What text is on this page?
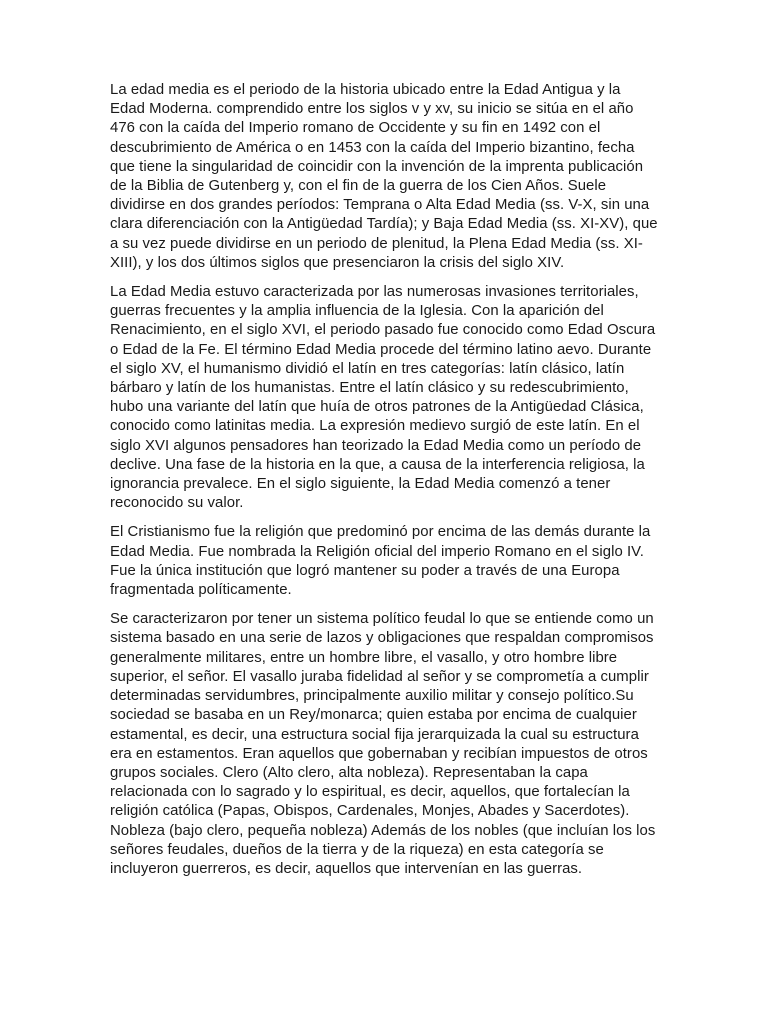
La edad media es el periodo de la historia ubicado entre la Edad Antigua y la Edad Moderna. comprendido entre los siglos v y xv, su inicio se sitúa en el año 476 con la caída del Imperio romano de Occidente y su fin en 1492 con el descubrimiento de América o en 1453 con la caída del Imperio bizantino, fecha que tiene la singularidad de coincidir con la invención de la imprenta publicación de la Biblia de Gutenberg y, con el fin de la guerra de los Cien Años. Suele dividirse en dos grandes períodos: Temprana o Alta Edad Media (ss. V-X, sin una clara diferenciación con la Antigüedad Tardía); y Baja Edad Media (ss. XI-XV), que a su vez puede dividirse en un periodo de plenitud, la Plena Edad Media (ss. XI-XIII), y los dos últimos siglos que presenciaron la crisis del siglo XIV.

La Edad Media estuvo caracterizada por las numerosas invasiones territoriales, guerras frecuentes y la amplia influencia de la Iglesia. Con la aparición del Renacimiento, en el siglo XVI, el periodo pasado fue conocido como Edad Oscura o Edad de la Fe. El término Edad Media procede del término latino aevo. Durante el siglo XV, el humanismo dividió el latín en tres categorías: latín clásico, latín bárbaro y latín de los humanistas. Entre el latín clásico y su redescubrimiento, hubo una variante del latín que huía de otros patrones de la Antigüedad Clásica, conocido como latinitas media. La expresión medievo surgió de este latín. En el siglo XVI algunos pensadores han teorizado la Edad Media como un período de declive. Una fase de la historia en la que, a causa de la interferencia religiosa, la ignorancia prevalece. En el siglo siguiente, la Edad Media comenzó a tener reconocido su valor.

El Cristianismo fue la religión que predominó por encima de las demás durante la Edad Media. Fue nombrada la Religión oficial del imperio Romano en el siglo IV. Fue la única institución que logró mantener su poder a través de una Europa fragmentada políticamente.

Se caracterizaron por tener un sistema político feudal lo que se entiende como un sistema basado en una serie de lazos y obligaciones que respaldan compromisos generalmente militares, entre un hombre libre, el vasallo, y otro hombre libre superior, el señor. El vasallo juraba fidelidad al señor y se comprometía a cumplir determinadas servidumbres, principalmente auxilio militar y consejo político.Su sociedad se basaba en un Rey/monarca; quien estaba por encima de cualquier estamental, es decir, una estructura social fija jerarquizada la cual su estructura era en estamentos. Eran aquellos que gobernaban y recibían impuestos de otros grupos sociales. Clero (Alto clero, alta nobleza). Representaban la capa relacionada con lo sagrado y lo espiritual, es decir, aquellos, que fortalecían la religión católica (Papas, Obispos, Cardenales, Monjes, Abades y Sacerdotes). Nobleza (bajo clero, pequeña nobleza) Además de los nobles (que incluían los los señores feudales, dueños de la tierra y de la riqueza) en esta categoría se incluyeron guerreros, es decir, aquellos que intervenían en las guerras.
